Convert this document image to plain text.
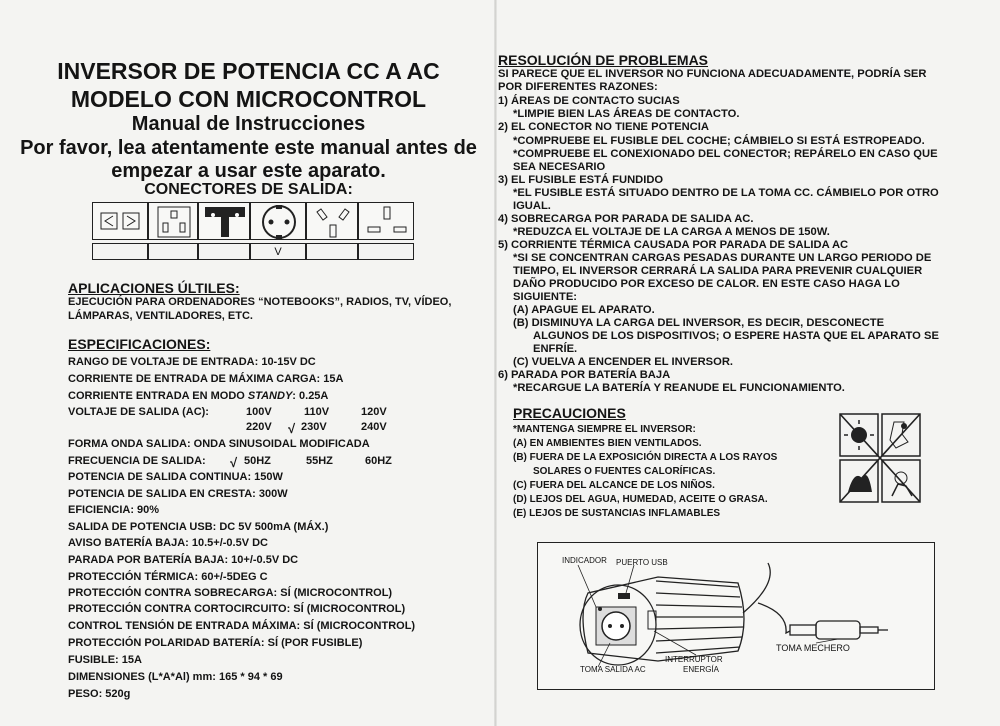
INVERSOR DE POTENCIA CC A AC
MODELO CON MICROCONTROL
Manual de Instrucciones
Por favor, lea atentamente este manual antes de
empezar a usar este aparato.
CONECTORES DE SALIDA:
V
APLICACIONES ÚLTILES:
EJECUCIÓN PARA ORDENADORES “NOTEBOOKS”, RADIOS, TV, VÍDEO,
LÁMPARAS, VENTILADORES, ETC.
ESPECIFICACIONES:
RANGO DE VOLTAJE DE ENTRADA: 10-15V DC
CORRIENTE DE ENTRADA DE MÁXIMA CARGA: 15A
CORRIENTE ENTRADA EN MODO STANDY: 0.25A
VOLTAJE DE SALIDA (AC):	100V	110V	120V
220V √ 230V	240V
FORMA ONDA SALIDA: ONDA SINUSOIDAL MODIFICADA
FRECUENCIA DE SALIDA: √ 50HZ	55HZ	60HZ
POTENCIA DE SALIDA CONTINUA: 150W
POTENCIA DE SALIDA EN CRESTA: 300W
EFICIENCIA: 90%
SALIDA DE POTENCIA USB: DC 5V 500mA (MÁX.)
AVISO BATERÍA BAJA: 10.5+/-0.5V DC
PARADA POR BATERÍA BAJA: 10+/-0.5V DC
PROTECCIÓN TÉRMICA: 60+/-5DEG C
PROTECCIÓN CONTRA SOBRECARGA: SÍ (MICROCONTROL)
PROTECCIÓN CONTRA CORTOCIRCUITO: SÍ (MICROCONTROL)
CONTROL TENSIÓN DE ENTRADA MÁXIMA: SÍ (MICROCONTROL)
PROTECCIÓN POLARIDAD BATERÍA: SÍ (POR FUSIBLE)
FUSIBLE: 15A
DIMENSIONES (L*A*Al) mm: 165 * 94 * 69
PESO: 520g
RESOLUCIÓN DE PROBLEMAS
SI PARECE QUE EL INVERSOR NO FUNCIONA ADECUADAMENTE, PODRÍA SER
POR DIFERENTES RAZONES:
1) ÁREAS DE CONTACTO SUCIAS
*LIMPIE BIEN LAS ÁREAS DE CONTACTO.
2) EL CONECTOR NO TIENE POTENCIA
*COMPRUEBE EL FUSIBLE DEL COCHE; CÁMBIELO SI ESTÁ ESTROPEADO.
*COMPRUEBE EL CONEXIONADO DEL CONECTOR; REPÁRELO EN CASO QUE
SEA NECESARIO
3) EL FUSIBLE ESTÁ FUNDIDO
*EL FUSIBLE ESTÁ SITUADO DENTRO DE LA TOMA CC. CÁMBIELO POR OTRO
IGUAL.
4) SOBRECARGA POR PARADA DE SALIDA AC.
*REDUZCA EL VOLTAJE DE LA CARGA A MENOS DE 150W.
5) CORRIENTE TÉRMICA CAUSADA POR PARADA DE SALIDA AC
*SI SE CONCENTRAN CARGAS PESADAS DURANTE UN LARGO PERIODO DE
TIEMPO, EL INVERSOR CERRARÁ LA SALIDA PARA PREVENIR CUALQUIER
DAÑO PRODUCIDO POR EXCESO DE CALOR. EN ESTE CASO HAGA LO
SIGUIENTE:
(A) APAGUE EL APARATO.
(B) DISMINUYA LA CARGA DEL INVERSOR, ES DECIR, DESCONECTE
ALGUNOS DE LOS DISPOSITIVOS; O ESPERE HASTA QUE EL APARATO SE
ENFRÍE.
(C) VUELVA A ENCENDER EL INVERSOR.
6) PARADA POR BATERÍA BAJA
*RECARGUE LA BATERÍA Y REANUDE EL FUNCIONAMIENTO.
PRECAUCIONES
*MANTENGA SIEMPRE EL INVERSOR:
(A) EN AMBIENTES BIEN VENTILADOS.
(B) FUERA DE LA EXPOSICIÓN DIRECTA A LOS RAYOS
SOLARES O FUENTES CALORÍFICAS.
(C) FUERA DEL ALCANCE DE LOS NIÑOS.
(D) LEJOS DEL AGUA, HUMEDAD, ACEITE O GRASA.
(E) LEJOS DE SUSTANCIAS INFLAMABLES
INDICADOR PUERTO USB
TOMA SALIDA AC
INTERRUPTOR
ENERGÍA
TOMA MECHERO
